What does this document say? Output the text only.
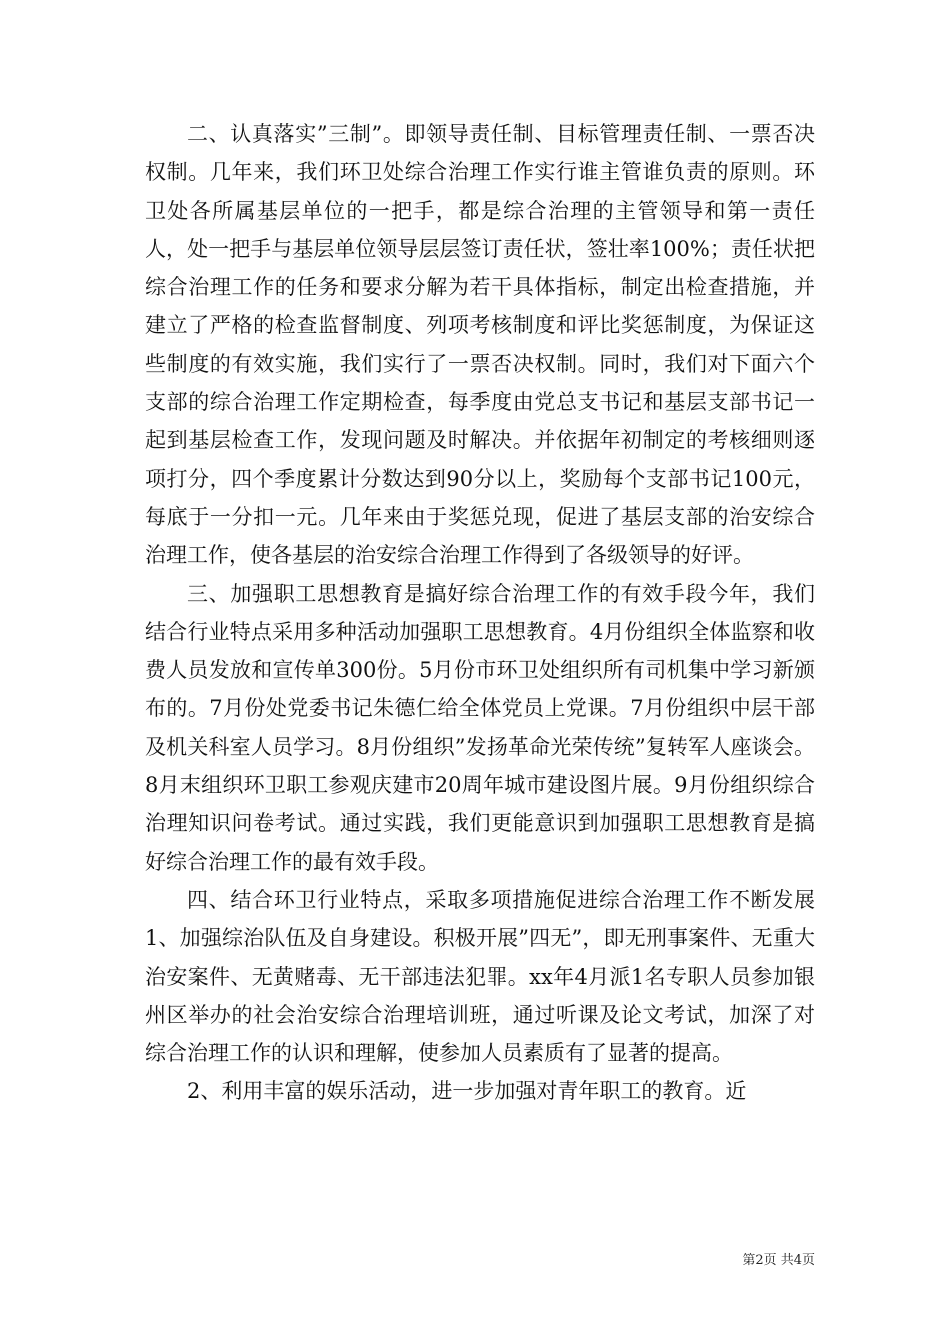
二、认真落实”三制”。即领导责任制、目标管理责任制、一票否决权制。几年来，我们环卫处综合治理工作实行谁主管谁负责的原则。环卫处各所属基层单位的一把手，都是综合治理的主管领导和第一责任人，处一把手与基层单位领导层层签订责任状，签壮率100%；责任状把综合治理工作的任务和要求分解为若干具体指标，制定出检查措施，并建立了严格的检查监督制度、列项考核制度和评比奖惩制度，为保证这些制度的有效实施，我们实行了一票否决权制。同时，我们对下面六个支部的综合治理工作定期检查，每季度由党总支书记和基层支部书记一起到基层检查工作，发现问题及时解决。并依据年初制定的考核细则逐项打分，四个季度累计分数达到90分以上，奖励每个支部书记100元，每底于一分扣一元。几年来由于奖惩兑现，促进了基层支部的治安综合治理工作，使各基层的治安综合治理工作得到了各级领导的好评。

三、加强职工思想教育是搞好综合治理工作的有效手段今年，我们结合行业特点采用多种活动加强职工思想教育。4月份组织全体监察和收费人员发放和宣传单300份。5月份市环卫处组织所有司机集中学习新颁布的。7月份处党委书记朱德仁给全体党员上党课。7月份组织中层干部及机关科室人员学习。8月份组织”发扬革命光荣传统”复转军人座谈会。8月末组织环卫职工参观庆建市20周年城市建设图片展。9月份组织综合治理知识问卷考试。通过实践，我们更能意识到加强职工思想教育是搞好综合治理工作的最有效手段。

四、结合环卫行业特点，采取多项措施促进综合治理工作不断发展1、加强综治队伍及自身建设。积极开展”四无”，即无刑事案件、无重大治安案件、无黄赌毒、无干部违法犯罪。xx年4月派1名专职人员参加银州区举办的社会治安综合治理培训班，通过听课及论文考试，加深了对综合治理工作的认识和理解，使参加人员素质有了显著的提高。

2、利用丰富的娱乐活动，进一步加强对青年职工的教育。近

第2页 共4页
